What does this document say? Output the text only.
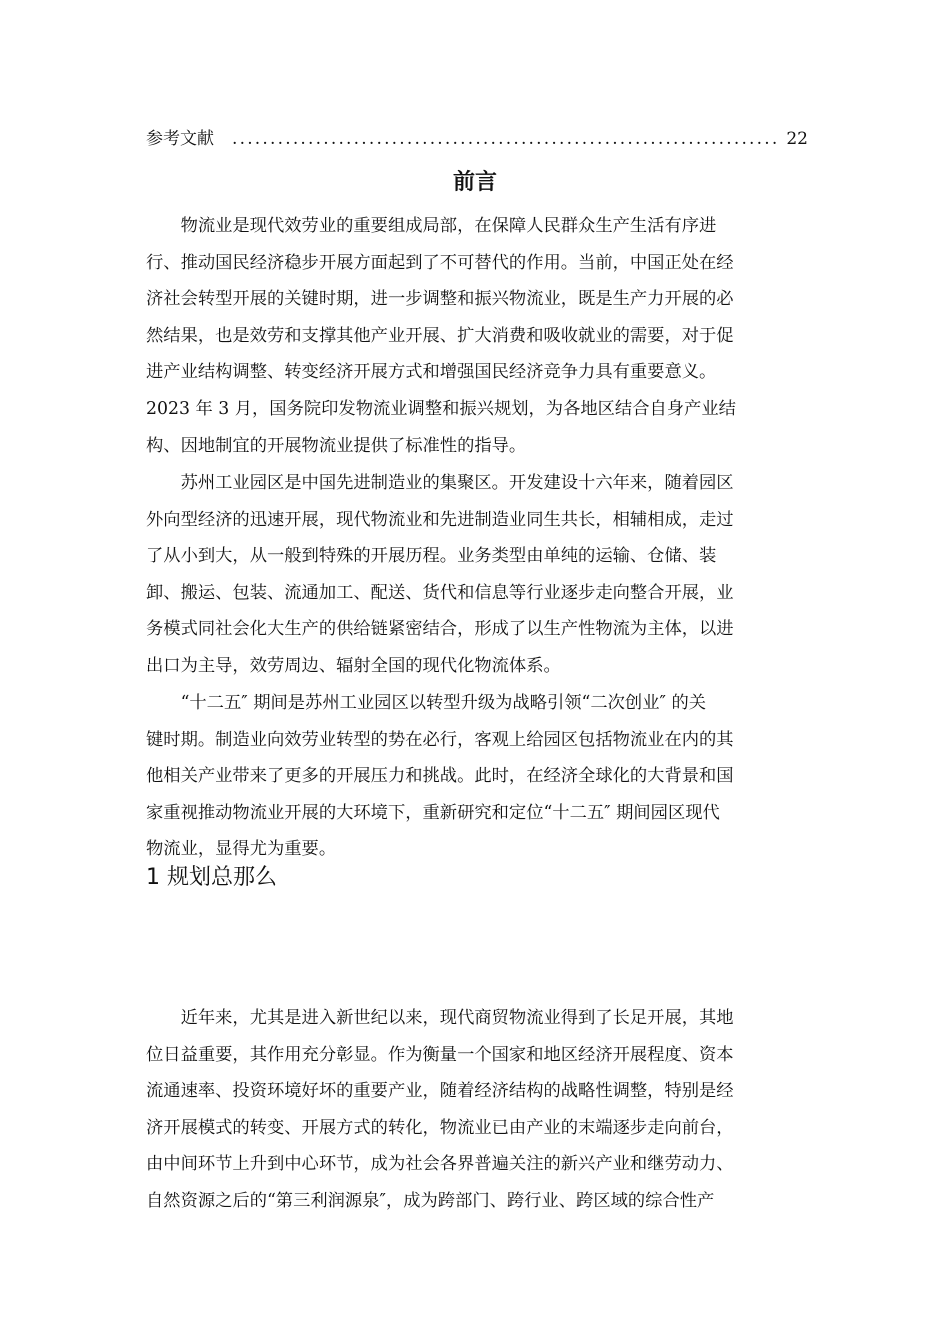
........................................................................
参考文献	22
前言

　　物流业是现代效劳业的重要组成局部，在保障人民群众生产生活有序进
行、推动国民经济稳步开展方面起到了不可替代的作用。当前，中国正处在经
济社会转型开展的关键时期，进一步调整和振兴物流业，既是生产力开展的必
然结果，也是效劳和支撑其他产业开展、扩大消费和吸收就业的需要，对于促
进产业结构调整、转变经济开展方式和增强国民经济竞争力具有重要意义。
2023 年 3 月，国务院印发物流业调整和振兴规划，为各地区结合自身产业结
构、因地制宜的开展物流业提供了标准性的指导。

　　苏州工业园区是中国先进制造业的集聚区。开发建设十六年来，随着园区
外向型经济的迅速开展，现代物流业和先进制造业同生共长，相辅相成，走过
了从小到大，从一般到特殊的开展历程。业务类型由单纯的运输、仓储、装
卸、搬运、包装、流通加工、配送、货代和信息等行业逐步走向整合开展，业
务模式同社会化大生产的供给链紧密结合，形成了以生产性物流为主体，以进
出口为主导，效劳周边、辐射全国的现代化物流体系。

　　“十二五″ 期间是苏州工业园区以转型升级为战略引领“二次创业″ 的关
键时期。制造业向效劳业转型的势在必行，客观上给园区包括物流业在内的其
他相关产业带来了更多的开展压力和挑战。此时，在经济全球化的大背景和国
家重视推动物流业开展的大环境下，重新研究和定位“十二五″ 期间园区现代
物流业，显得尤为重要。

1 规划总那么

　　近年来，尤其是进入新世纪以来，现代商贸物流业得到了长足开展，其地
位日益重要，其作用充分彰显。作为衡量一个国家和地区经济开展程度、资本
流通速率、投资环境好坏的重要产业，随着经济结构的战略性调整，特别是经
济开展模式的转变、开展方式的转化，物流业已由产业的末端逐步走向前台，
由中间环节上升到中心环节，成为社会各界普遍关注的新兴产业和继劳动力、
自然资源之后的“第三利润源泉″，成为跨部门、跨行业、跨区域的综合性产
